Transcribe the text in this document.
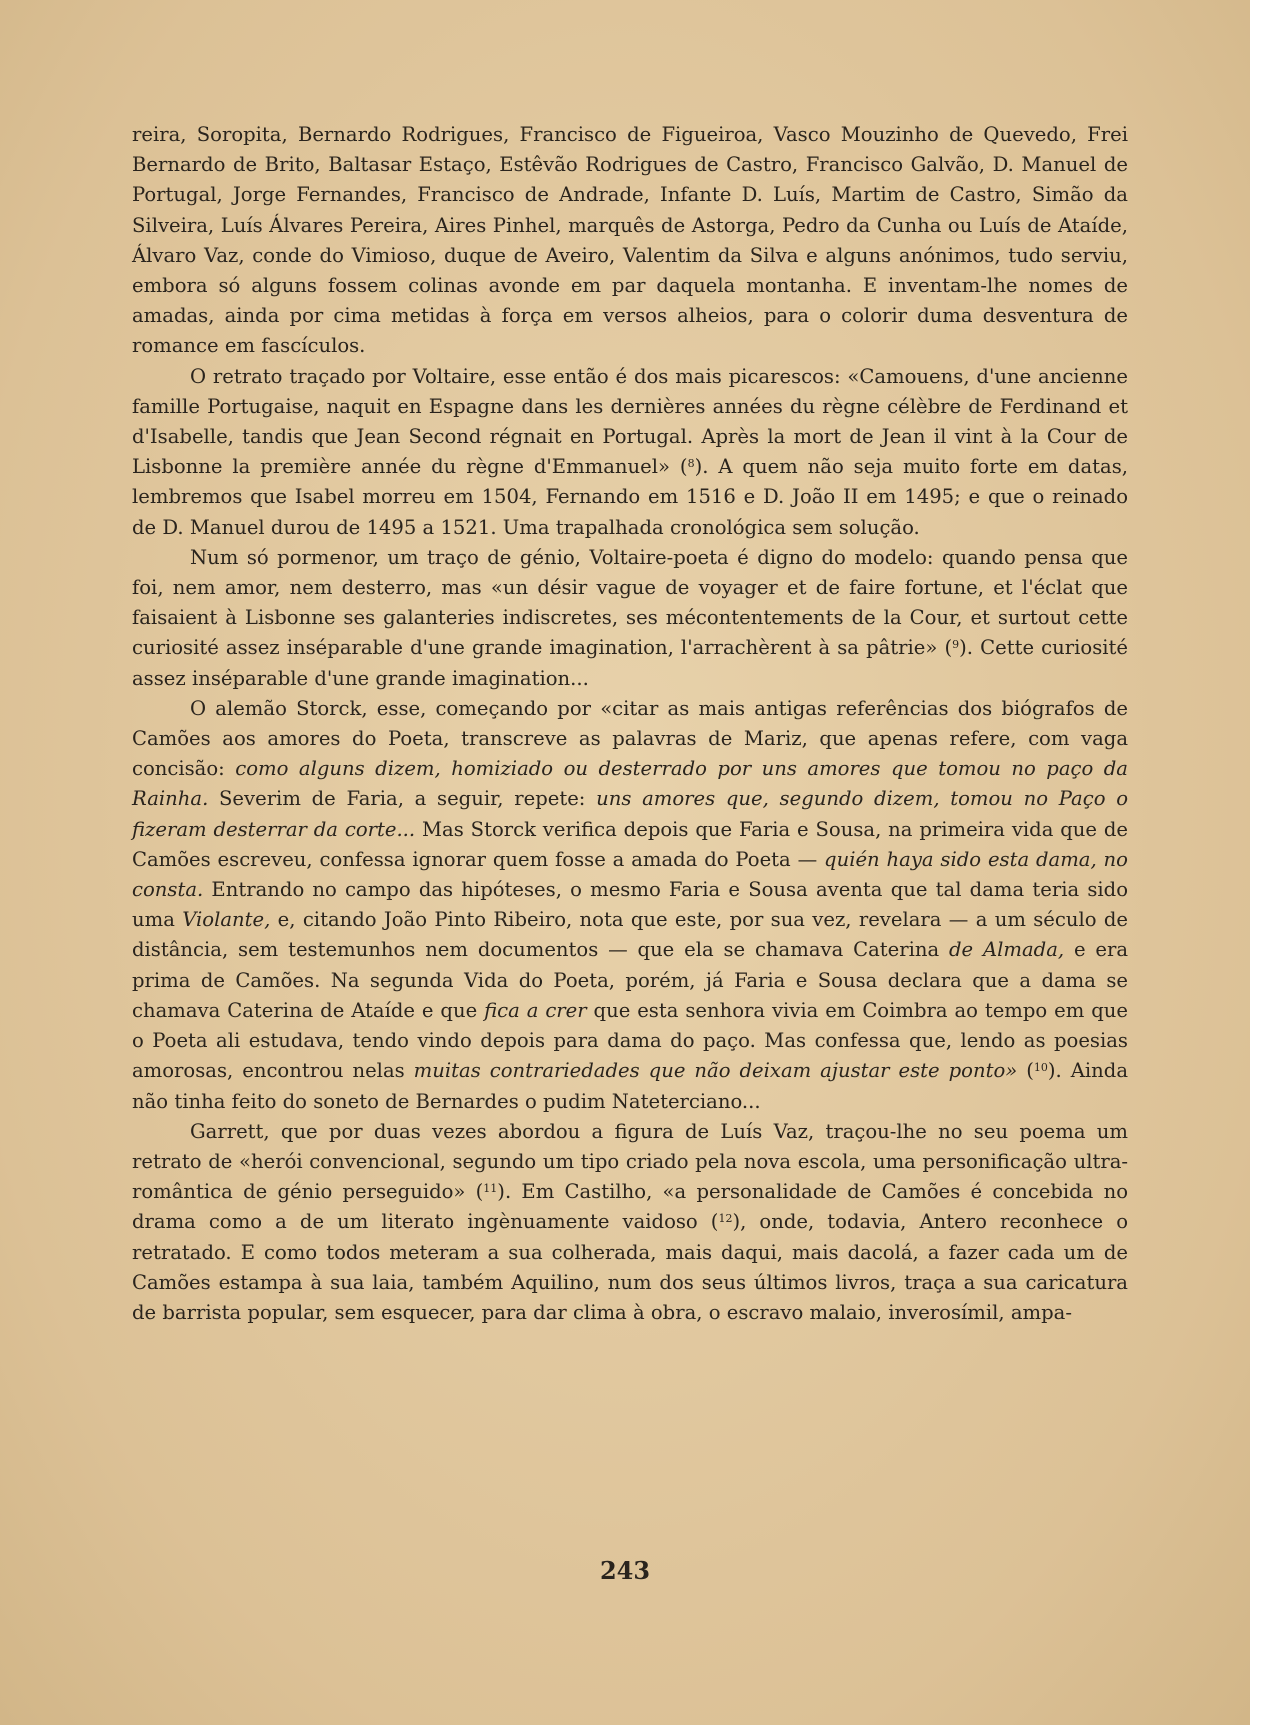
reira, Soropita, Bernardo Rodrigues, Francisco de Figueiroa, Vasco Mouzinho de Quevedo, Frei Bernardo de Brito, Baltasar Estaço, Estêvão Rodrigues de Castro, Francisco Galvão, D. Manuel de Portugal, Jorge Fernandes, Francisco de Andrade, Infante D. Luís, Martim de Castro, Simão da Silveira, Luís Álvares Pereira, Aires Pinhel, marquês de Astorga, Pedro da Cunha ou Luís de Ataíde, Álvaro Vaz, conde do Vimioso, duque de Aveiro, Valentim da Silva e alguns anónimos, tudo serviu, embora só alguns fossem colinas avonde em par daquela montanha. E inventam-lhe nomes de amadas, ainda por cima metidas à força em versos alheios, para o colorir duma desventura de romance em fascículos.

O retrato traçado por Voltaire, esse então é dos mais picarescos: «Camouens, d'une ancienne famille Portugaise, naquit en Espagne dans les dernières années du règne célèbre de Ferdinand et d'Isabelle, tandis que Jean Second régnait en Portugal. Après la mort de Jean il vint à la Cour de Lisbonne la première année du règne d'Emmanuel» ($^8$). A quem não seja muito forte em datas, lembremos que Isabel morreu em 1504, Fernando em 1516 e D. João II em 1495; e que o reinado de D. Manuel durou de 1495 a 1521. Uma trapalhada cronológica sem solução.

Num só pormenor, um traço de génio, Voltaire-poeta é digno do modelo: quando pensa que foi, nem amor, nem desterro, mas «un désir vague de voyager et de faire fortune, et l'éclat que faisaient à Lisbonne ses galanteries indiscretes, ses mécontentements de la Cour, et surtout cette curiosité assez inséparable d'une grande imagination, l'arrachèrent à sa pâtrie» ($^9$). Cette curiosité assez inséparable d'une grande imagination...

O alemão Storck, esse, começando por «citar as mais antigas referências dos biógrafos de Camões aos amores do Poeta, transcreve as palavras de Mariz, que apenas refere, com vaga concisão: como alguns dizem, homiziado ou desterrado por uns amores que tomou no paço da Rainha. Severim de Faria, a seguir, repete: uns amores que, segundo dizem, tomou no Paço o fizeram desterrar da corte... Mas Storck verifica depois que Faria e Sousa, na primeira vida que de Camões escreveu, confessa ignorar quem fosse a amada do Poeta — quién haya sido esta dama, no consta. Entrando no campo das hipóteses, o mesmo Faria e Sousa aventa que tal dama teria sido uma Violante, e, citando João Pinto Ribeiro, nota que este, por sua vez, revelara — a um século de distância, sem testemunhos nem documentos — que ela se chamava Caterina de Almada, e era prima de Camões. Na segunda Vida do Poeta, porém, já Faria e Sousa declara que a dama se chamava Caterina de Ataíde e que fica a crer que esta senhora vivia em Coimbra ao tempo em que o Poeta ali estudava, tendo vindo depois para dama do paço. Mas confessa que, lendo as poesias amorosas, encontrou nelas muitas contrariedades que não deixam ajustar este ponto» ($^{10}$). Ainda não tinha feito do soneto de Bernardes o pudim Nateterciano...

Garrett, que por duas vezes abordou a figura de Luís Vaz, traçou-lhe no seu poema um retrato de «herói convencional, segundo um tipo criado pela nova escola, uma personificação ultra-romântica de génio perseguido» ($^{11}$). Em Castilho, «a personalidade de Camões é concebida no drama como a de um literato ingènuamente vaidoso ($^{12}$), onde, todavia, Antero reconhece o retratado. E como todos meteram a sua colherada, mais daqui, mais dacolá, a fazer cada um de Camões estampa à sua laia, também Aquilino, num dos seus últimos livros, traça a sua caricatura de barrista popular, sem esquecer, para dar clima à obra, o escravo malaio, inverosímil, ampa-

243
